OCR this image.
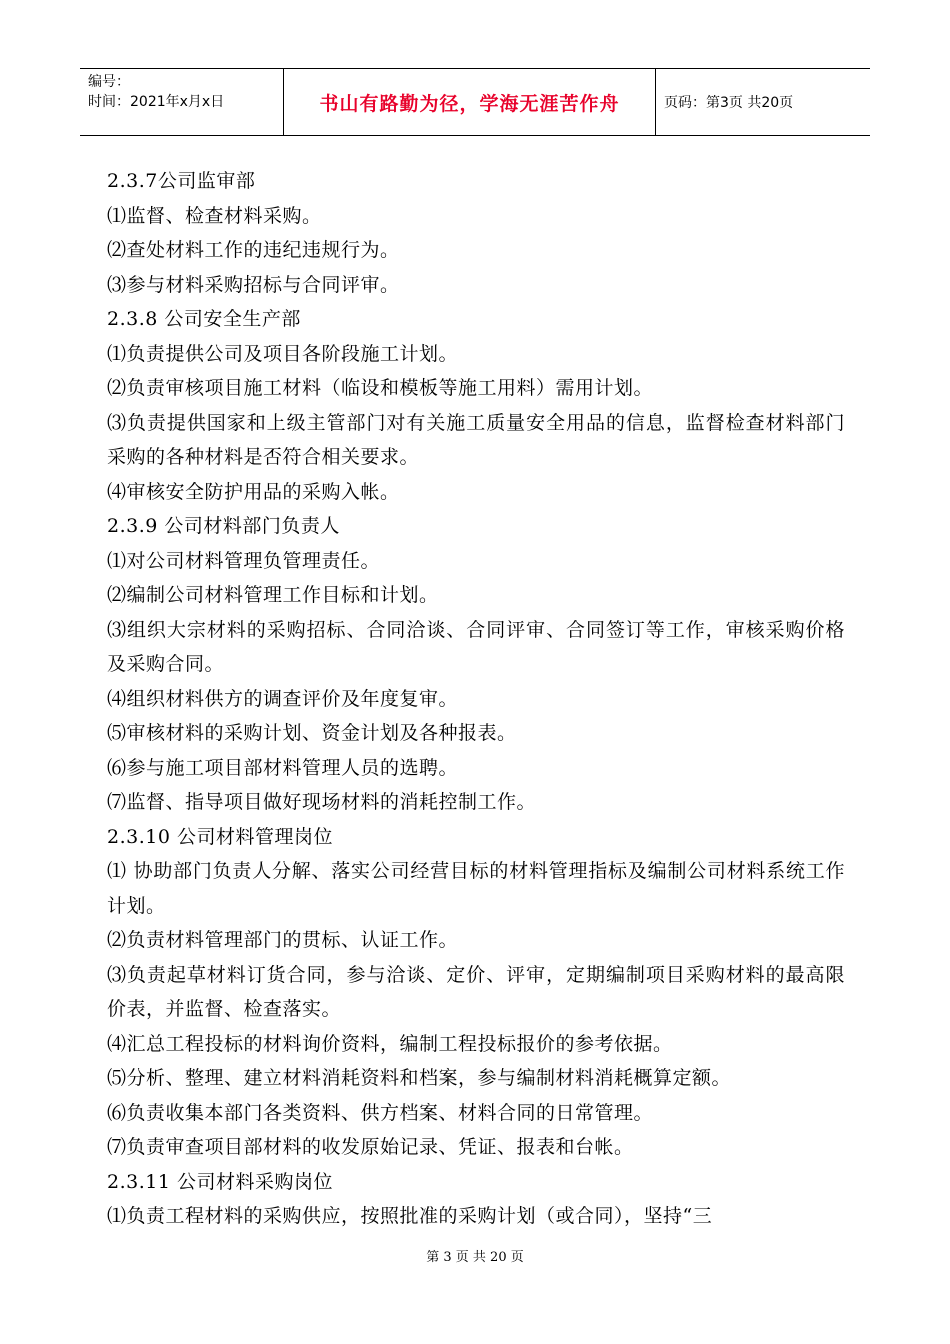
编号：
时间：2021年x月x日	书山有路勤为径，学海无涯苦作舟	页码：第3页 共20页

2.3.7公司监审部

⑴监督、检查材料采购。

⑵查处材料工作的违纪违规行为。

⑶参与材料采购招标与合同评审。

2.3.8 公司安全生产部

⑴负责提供公司及项目各阶段施工计划。

⑵负责审核项目施工材料（临设和模板等施工用料）需用计划。

⑶负责提供国家和上级主管部门对有关施工质量安全用品的信息，监督检查材料部门采购的各种材料是否符合相关要求。

⑷审核安全防护用品的采购入帐。

2.3.9 公司材料部门负责人

⑴对公司材料管理负管理责任。

⑵编制公司材料管理工作目标和计划。

⑶组织大宗材料的采购招标、合同洽谈、合同评审、合同签订等工作，审核采购价格及采购合同。

⑷组织材料供方的调查评价及年度复审。

⑸审核材料的采购计划、资金计划及各种报表。

⑹参与施工项目部材料管理人员的选聘。

⑺监督、指导项目做好现场材料的消耗控制工作。

2.3.10 公司材料管理岗位

⑴ 协助部门负责人分解、落实公司经营目标的材料管理指标及编制公司材料系统工作计划。

⑵负责材料管理部门的贯标、认证工作。

⑶负责起草材料订货合同，参与洽谈、定价、评审，定期编制项目采购材料的最高限价表，并监督、检查落实。

⑷汇总工程投标的材料询价资料，编制工程投标报价的参考依据。

⑸分析、整理、建立材料消耗资料和档案，参与编制材料消耗概算定额。

⑹负责收集本部门各类资料、供方档案、材料合同的日常管理。

⑺负责审查项目部材料的收发原始记录、凭证、报表和台帐。

2.3.11 公司材料采购岗位

⑴负责工程材料的采购供应，按照批准的采购计划（或合同），坚持“三

第 3 页 共 20 页
